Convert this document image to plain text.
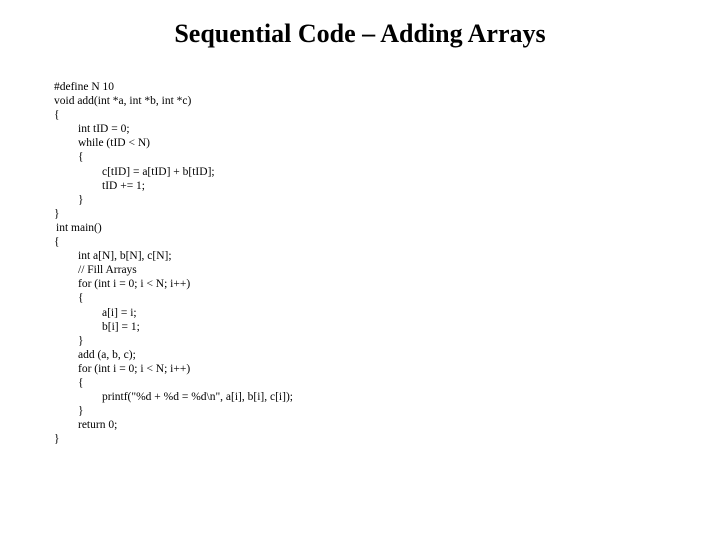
Sequential Code – Adding Arrays
#define N 10
void add(int *a, int *b, int *c)
{
int tID = 0;
while (tID < N)
{
c[tID] = a[tID] + b[tID];
tID += 1;
}
}
int main()
{
int a[N], b[N], c[N];
// Fill Arrays
for (int i = 0; i < N; i++)
{
a[i] = i;
b[i] = 1;
}
add (a, b, c);
for (int i = 0; i < N; i++)
{
printf("%d + %d = %d\n", a[i], b[i], c[i]);
}
return 0;
}
